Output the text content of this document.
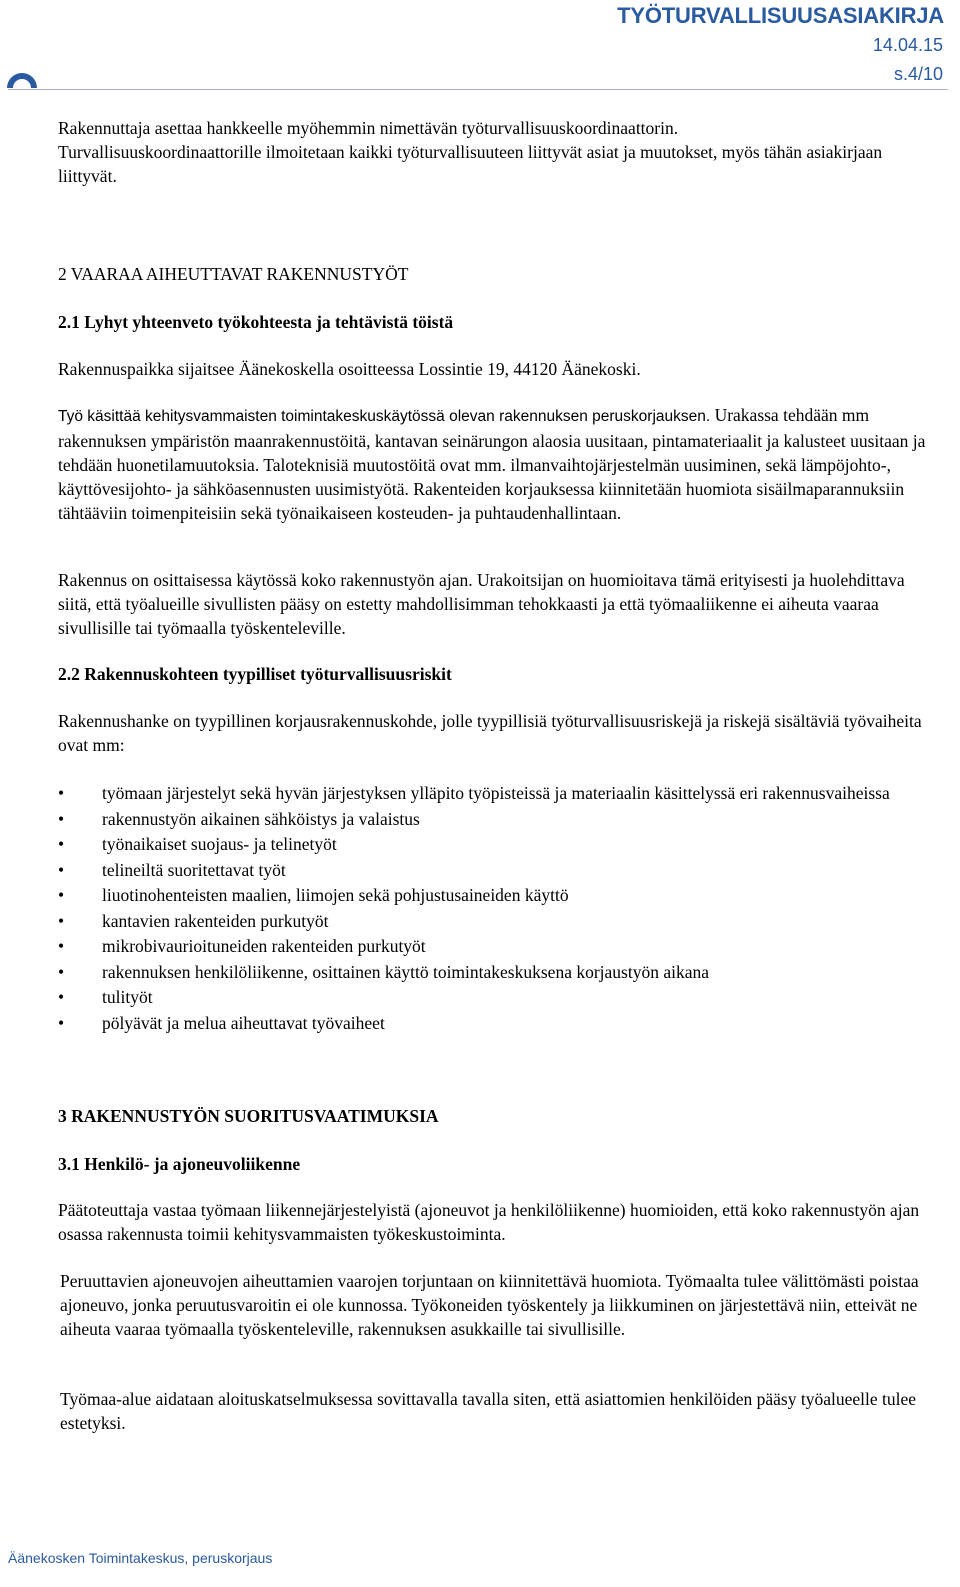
TYÖTURVALLISUUSASIAKIRJA
14.04.15
s.4/10

Rakennuttaja asettaa hankkeelle myöhemmin nimettävän työturvallisuuskoordinaattorin.

Turvallisuuskoordinaattorille ilmoitetaan kaikki työturvallisuuteen liittyvät asiat ja muutokset, myös tähän asiakirjaan liittyvät.

2 VAARAA AIHEUTTAVAT RAKENNUSTYÖT

2.1 Lyhyt yhteenveto työkohteesta ja tehtävistä töistä

Rakennuspaikka sijaitsee Äänekoskella osoitteessa Lossintie 19, 44120 Äänekoski.

Työ käsittää kehitysvammaisten toimintakeskuskäytössä olevan rakennuksen peruskorjauksen. Urakassa tehdään mm rakennuksen ympäristön maanrakennustöitä, kantavan seinärungon alaosia uusitaan, pintamateriaalit ja kalusteet uusitaan ja tehdään huonetilamuutoksia. Taloteknisiä muutostöitä ovat mm. ilmanvaihtojärjestelmän uusiminen, sekä lämpöjohto-, käyttövesijohto- ja sähköasennusten uusimistyötä. Rakenteiden korjauksessa kiinnitetään huomiota sisäilmaparannuksiin tähtääviin toimenpiteisiin sekä työnaikaiseen kosteuden- ja puhtaudenhallintaan.

Rakennus on osittaisessa käytössä koko rakennustyön ajan. Urakoitsijan on huomioitava tämä erityisesti ja huolehdittava siitä, että työalueille sivullisten pääsy on estetty mahdollisimman tehokkaasti ja että työmaaliikenne ei aiheuta vaaraa sivullisille tai työmaalla työskenteleville.

2.2 Rakennuskohteen tyypilliset työturvallisuusriskit

Rakennushanke on tyypillinen korjausrakennuskohde, jolle tyypillisiä työturvallisuusriskejä ja riskejä sisältäviä työvaiheita ovat mm:

• työmaan järjestelyt sekä hyvän järjestyksen ylläpito työpisteissä ja materiaalin käsittelyssä eri rakennusvaiheissa
• rakennustyön aikainen sähköistys ja valaistus
• työnaikaiset suojaus- ja telinetyöt
• telineiltä suoritettavat työt
• liuotinohenteisten maalien, liimojen sekä pohjustusaineiden käyttö
• kantavien rakenteiden purkutyöt
• mikrobivaurioituneiden rakenteiden purkutyöt
• rakennuksen henkilöliikenne, osittainen käyttö toimintakeskuksena korjaustyön aikana
• tulityöt
• pölyävät ja melua aiheuttavat työvaiheet

3 RAKENNUSTYÖN SUORITUSVAATIMUKSIA

3.1 Henkilö- ja ajoneuvoliikenne

Päätoteuttaja vastaa työmaan liikennejärjestelyistä (ajoneuvot ja henkilöliikenne) huomioiden, että koko rakennustyön ajan osassa rakennusta toimii kehitysvammaisten työkeskustoiminta.

Peruuttavien ajoneuvojen aiheuttamien vaarojen torjuntaan on kiinnitettävä huomiota. Työmaalta tulee välittömästi poistaa ajoneuvo, jonka peruutusvaroitin ei ole kunnossa. Työkoneiden työskentely ja liikkuminen on järjestettävä niin, etteivät ne aiheuta vaaraa työmaalla työskenteleville, rakennuksen asukkaille tai sivullisille.

Työmaa-alue aidataan aloituskatselmuksessa sovittavalla tavalla siten, että asiattomien henkilöiden pääsy työalueelle tulee estetyksi.

Äänekosken Toimintakeskus, peruskorjaus
